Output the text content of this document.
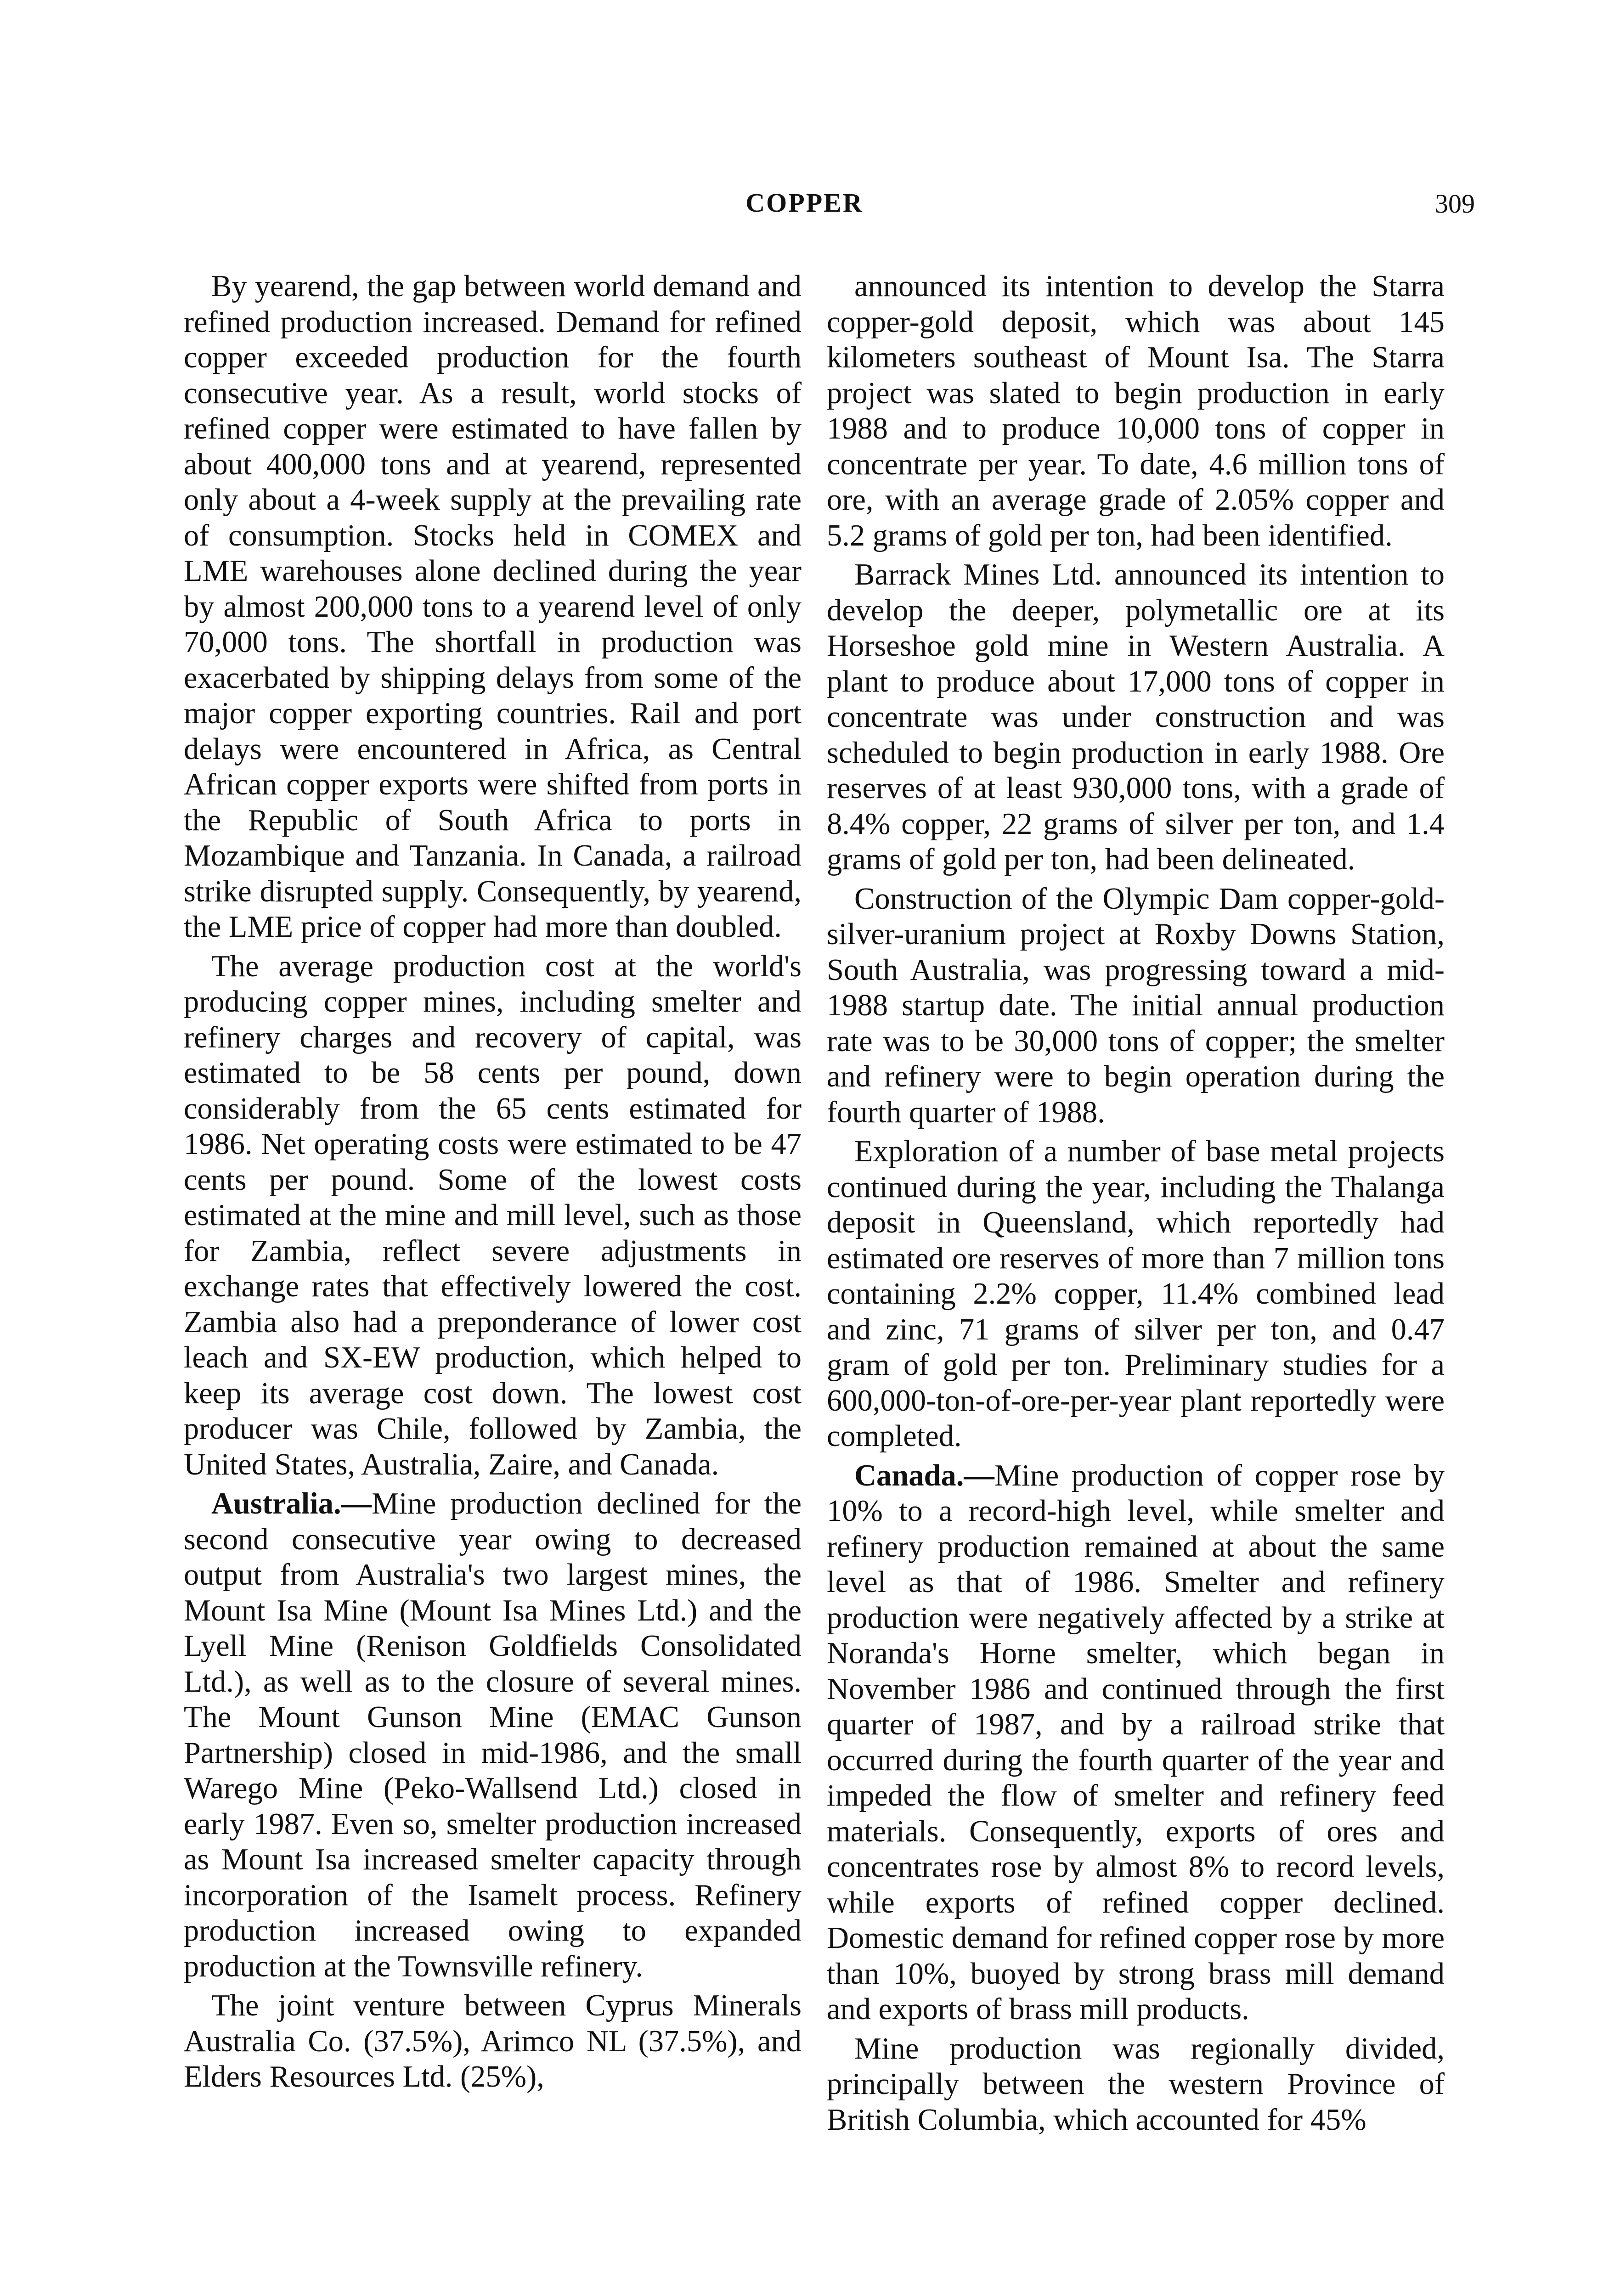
COPPER	309

By yearend, the gap between world demand and refined production increased. Demand for refined copper exceeded production for the fourth consecutive year. As a result, world stocks of refined copper were estimated to have fallen by about 400,000 tons and at yearend, represented only about a 4-week supply at the prevailing rate of consumption. Stocks held in COMEX and LME warehouses alone declined during the year by almost 200,000 tons to a yearend level of only 70,000 tons. The shortfall in production was exacerbated by shipping delays from some of the major copper exporting countries. Rail and port delays were encountered in Africa, as Central African copper exports were shifted from ports in the Republic of South Africa to ports in Mozambique and Tanzania. In Canada, a railroad strike disrupted supply. Consequently, by yearend, the LME price of copper had more than doubled.

The average production cost at the world's producing copper mines, including smelter and refinery charges and recovery of capital, was estimated to be 58 cents per pound, down considerably from the 65 cents estimated for 1986. Net operating costs were estimated to be 47 cents per pound. Some of the lowest costs estimated at the mine and mill level, such as those for Zambia, reflect severe adjustments in exchange rates that effectively lowered the cost. Zambia also had a preponderance of lower cost leach and SX-EW production, which helped to keep its average cost down. The lowest cost producer was Chile, followed by Zambia, the United States, Australia, Zaire, and Canada.

Australia.—Mine production declined for the second consecutive year owing to decreased output from Australia's two largest mines, the Mount Isa Mine (Mount Isa Mines Ltd.) and the Lyell Mine (Renison Goldfields Consolidated Ltd.), as well as to the closure of several mines. The Mount Gunson Mine (EMAC Gunson Partnership) closed in mid-1986, and the small Warego Mine (Peko-Wallsend Ltd.) closed in early 1987. Even so, smelter production increased as Mount Isa increased smelter capacity through incorporation of the Isamelt process. Refinery production increased owing to expanded production at the Townsville refinery.

The joint venture between Cyprus Minerals Australia Co. (37.5%), Arimco NL (37.5%), and Elders Resources Ltd. (25%),

announced its intention to develop the Starra copper-gold deposit, which was about 145 kilometers southeast of Mount Isa. The Starra project was slated to begin production in early 1988 and to produce 10,000 tons of copper in concentrate per year. To date, 4.6 million tons of ore, with an average grade of 2.05% copper and 5.2 grams of gold per ton, had been identified.

Barrack Mines Ltd. announced its intention to develop the deeper, polymetallic ore at its Horseshoe gold mine in Western Australia. A plant to produce about 17,000 tons of copper in concentrate was under construction and was scheduled to begin production in early 1988. Ore reserves of at least 930,000 tons, with a grade of 8.4% copper, 22 grams of silver per ton, and 1.4 grams of gold per ton, had been delineated.

Construction of the Olympic Dam copper-gold-silver-uranium project at Roxby Downs Station, South Australia, was progressing toward a mid-1988 startup date. The initial annual production rate was to be 30,000 tons of copper; the smelter and refinery were to begin operation during the fourth quarter of 1988.

Exploration of a number of base metal projects continued during the year, including the Thalanga deposit in Queensland, which reportedly had estimated ore reserves of more than 7 million tons containing 2.2% copper, 11.4% combined lead and zinc, 71 grams of silver per ton, and 0.47 gram of gold per ton. Preliminary studies for a 600,000-ton-of-ore-per-year plant reportedly were completed.

Canada.—Mine production of copper rose by 10% to a record-high level, while smelter and refinery production remained at about the same level as that of 1986. Smelter and refinery production were negatively affected by a strike at Noranda's Horne smelter, which began in November 1986 and continued through the first quarter of 1987, and by a railroad strike that occurred during the fourth quarter of the year and impeded the flow of smelter and refinery feed materials. Consequently, exports of ores and concentrates rose by almost 8% to record levels, while exports of refined copper declined. Domestic demand for refined copper rose by more than 10%, buoyed by strong brass mill demand and exports of brass mill products.

Mine production was regionally divided, principally between the western Province of British Columbia, which accounted for 45%
